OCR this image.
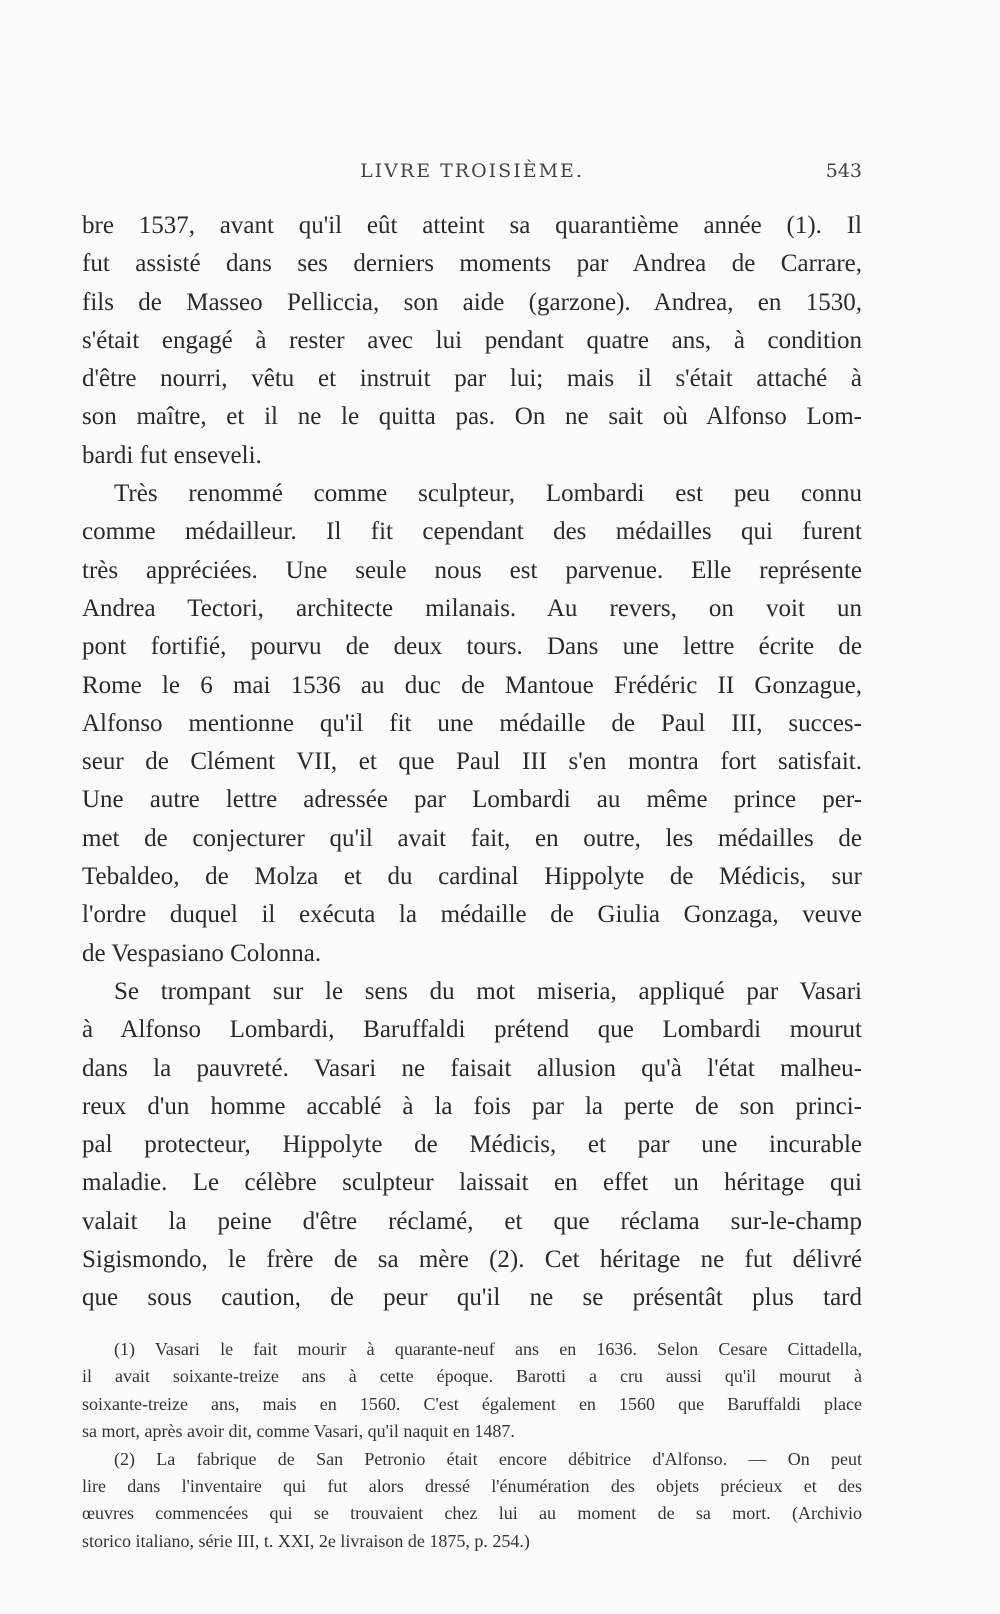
LIVRE TROISIÈME.	543
bre 1537, avant qu'il eût atteint sa quarantième année (1). Il
fut assisté dans ses derniers moments par Andrea de Carrare,
fils de Masseo Pelliccia, son aide (garzone). Andrea, en 1530,
s'était engagé à rester avec lui pendant quatre ans, à condition
d'être nourri, vêtu et instruit par lui; mais il s'était attaché à
son maître, et il ne le quitta pas. On ne sait où Alfonso Lom-
bardi fut enseveli.
Très renommé comme sculpteur, Lombardi est peu connu
comme médailleur. Il fit cependant des médailles qui furent
très appréciées. Une seule nous est parvenue. Elle représente
Andrea Tectori, architecte milanais. Au revers, on voit un
pont fortifié, pourvu de deux tours. Dans une lettre écrite de
Rome le 6 mai 1536 au duc de Mantoue Frédéric II Gonzague,
Alfonso mentionne qu'il fit une médaille de Paul III, succes-
seur de Clément VII, et que Paul III s'en montra fort satisfait.
Une autre lettre adressée par Lombardi au même prince per-
met de conjecturer qu'il avait fait, en outre, les médailles de
Tebaldeo, de Molza et du cardinal Hippolyte de Médicis, sur
l'ordre duquel il exécuta la médaille de Giulia Gonzaga, veuve
de Vespasiano Colonna.
Se trompant sur le sens du mot miseria, appliqué par Vasari
à Alfonso Lombardi, Baruffaldi prétend que Lombardi mourut
dans la pauvreté. Vasari ne faisait allusion qu'à l'état malheu-
reux d'un homme accablé à la fois par la perte de son princi-
pal protecteur, Hippolyte de Médicis, et par une incurable
maladie. Le célèbre sculpteur laissait en effet un héritage qui
valait la peine d'être réclamé, et que réclama sur-le-champ
Sigismondo, le frère de sa mère (2). Cet héritage ne fut délivré
que sous caution, de peur qu'il ne se présentât plus tard
(1) Vasari le fait mourir à quarante-neuf ans en 1636. Selon Cesare Cittadella,
il avait soixante-treize ans à cette époque. Barotti a cru aussi qu'il mourut à
soixante-treize ans, mais en 1560. C'est également en 1560 que Baruffaldi place
sa mort, après avoir dit, comme Vasari, qu'il naquit en 1487.
(2) La fabrique de San Petronio était encore débitrice d'Alfonso. — On peut
lire dans l'inventaire qui fut alors dressé l'énumération des objets précieux et des
œuvres commencées qui se trouvaient chez lui au moment de sa mort. (Archivio
storico italiano, série III, t. XXI, 2e livraison de 1875, p. 254.)
